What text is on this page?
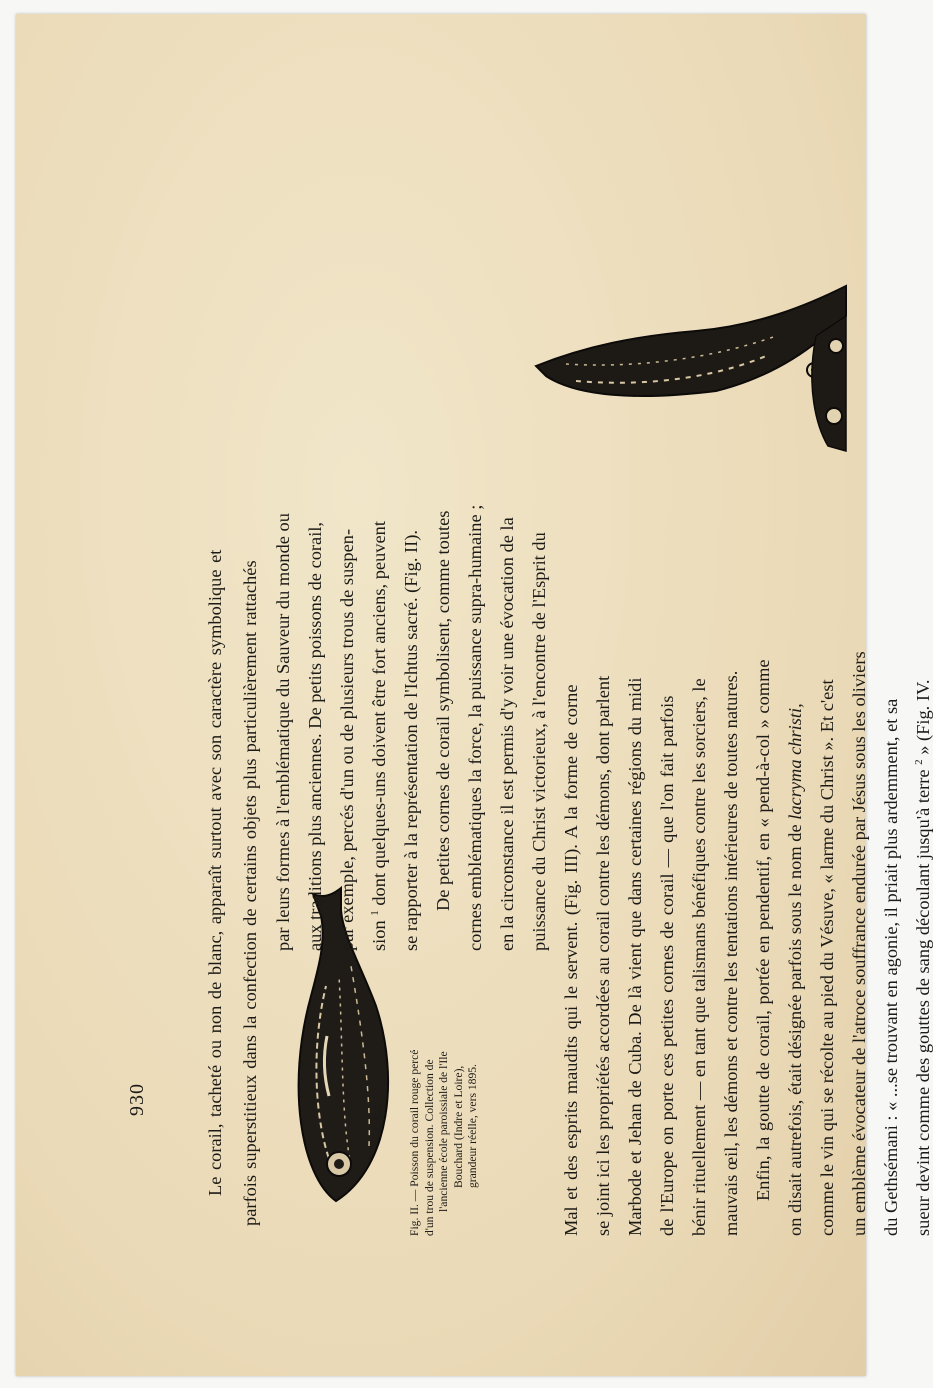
930	Le corail, tacheté ou non de blanc, apparaît surtout avec son caractère symbolique et parfois superstitieux dans la confection de certains objets plus particulièrement rattachés	L.C.L. Fig. II. — Poisson du corail rouge percé d'un trou de suspension. Collection de l'ancienne école paroissiale de l'Ile Bouchard (Indre et Loire), grandeur réelle, vers 1895.
par leurs formes à l'emblématique du Sauveur du monde ou aux traditions plus anciennes. De petits poissons de corail, par exemple, percés d'un ou de plusieurs trous de suspen- sion $^1$ dont quelques-uns doivent être fort anciens, peuvent se rapporter à la représentation de l'Ichtus sacré. (Fig. II). De petites cornes de corail symbolisent, comme toutes cornes emblématiques la force, la puissance supra-humaine ; en la circonstance il est permis d'y voir une évocation de la puissance du Christ victorieux, à l'encontre de l'Esprit du Mal et des esprits maudits qui le servent. (Fig. III). A la forme de corne se joint ici les propriétés accordées au corail contre les démons, dont parlent Marbode et Jehan de Cuba. De là vient que dans certaines régions du midi de l'Europe on porte ces petites cornes de corail — que l'on fait parfois bénir rituellement — en tant que talismans bénéfiques contre les sorciers, le mauvais œil, les démons et contre les tentations intérieures de toutes natures. Enfin, la goutte de corail, portée en pendentif, en « pend-à-col » comme on disait autrefois, était désignée parfois sous le nom de lacryma christi, comme le vin qui se récolte au pied du Vésuve, « larme du Christ ». Et c'est un emblème évocateur de l'atroce souffrance endurée par Jésus sous les oliviers du Gethsémani : « ...se trouvant en agonie, il priait plus ardemment, et sa sueur devint comme des gouttes de sang découlant jusqu'à terre $^2$ » (Fig. IV.
